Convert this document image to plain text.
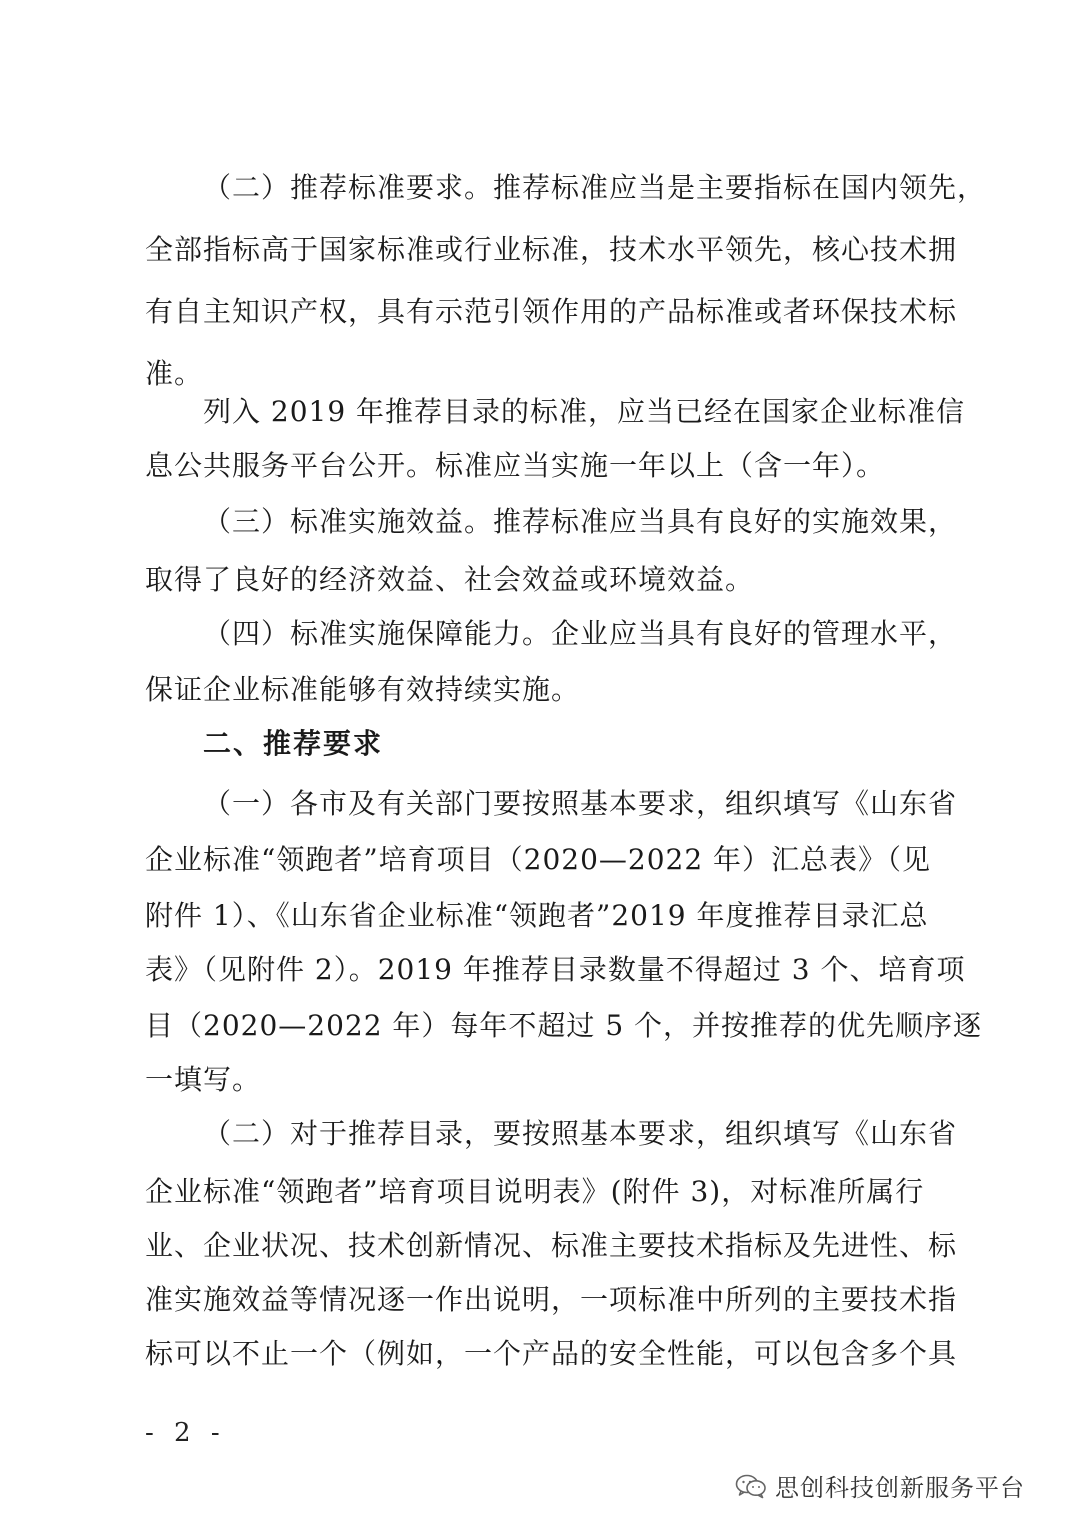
（二）推荐标准要求。推荐标准应当是主要指标在国内领先，
全部指标高于国家标准或行业标准，技术水平领先，核心技术拥
有自主知识产权，具有示范引领作用的产品标准或者环保技术标
准。
列入 2019 年推荐目录的标准，应当已经在国家企业标准信
息公共服务平台公开。标准应当实施一年以上（含一年）。
（三）标准实施效益。推荐标准应当具有良好的实施效果，
取得了良好的经济效益、社会效益或环境效益。
（四）标准实施保障能力。企业应当具有良好的管理水平，
保证企业标准能够有效持续实施。
二、推荐要求
（一）各市及有关部门要按照基本要求，组织填写《山东省
企业标准“领跑者”培育项目（2020—2022 年）汇总表》（见
附件 1）、《山东省企业标准“领跑者”2019 年度推荐目录汇总
表》（见附件 2）。2019 年推荐目录数量不得超过 3 个、培育项
目（2020—2022 年）每年不超过 5 个，并按推荐的优先顺序逐
一填写。
（二）对于推荐目录，要按照基本要求，组织填写《山东省
企业标准“领跑者”培育项目说明表》(附件 3)，对标准所属行
业、企业状况、技术创新情况、标准主要技术指标及先进性、标
准实施效益等情况逐一作出说明，一项标准中所列的主要技术指
标可以不止一个（例如，一个产品的安全性能，可以包含多个具
- 2 -
思创科技创新服务平台
